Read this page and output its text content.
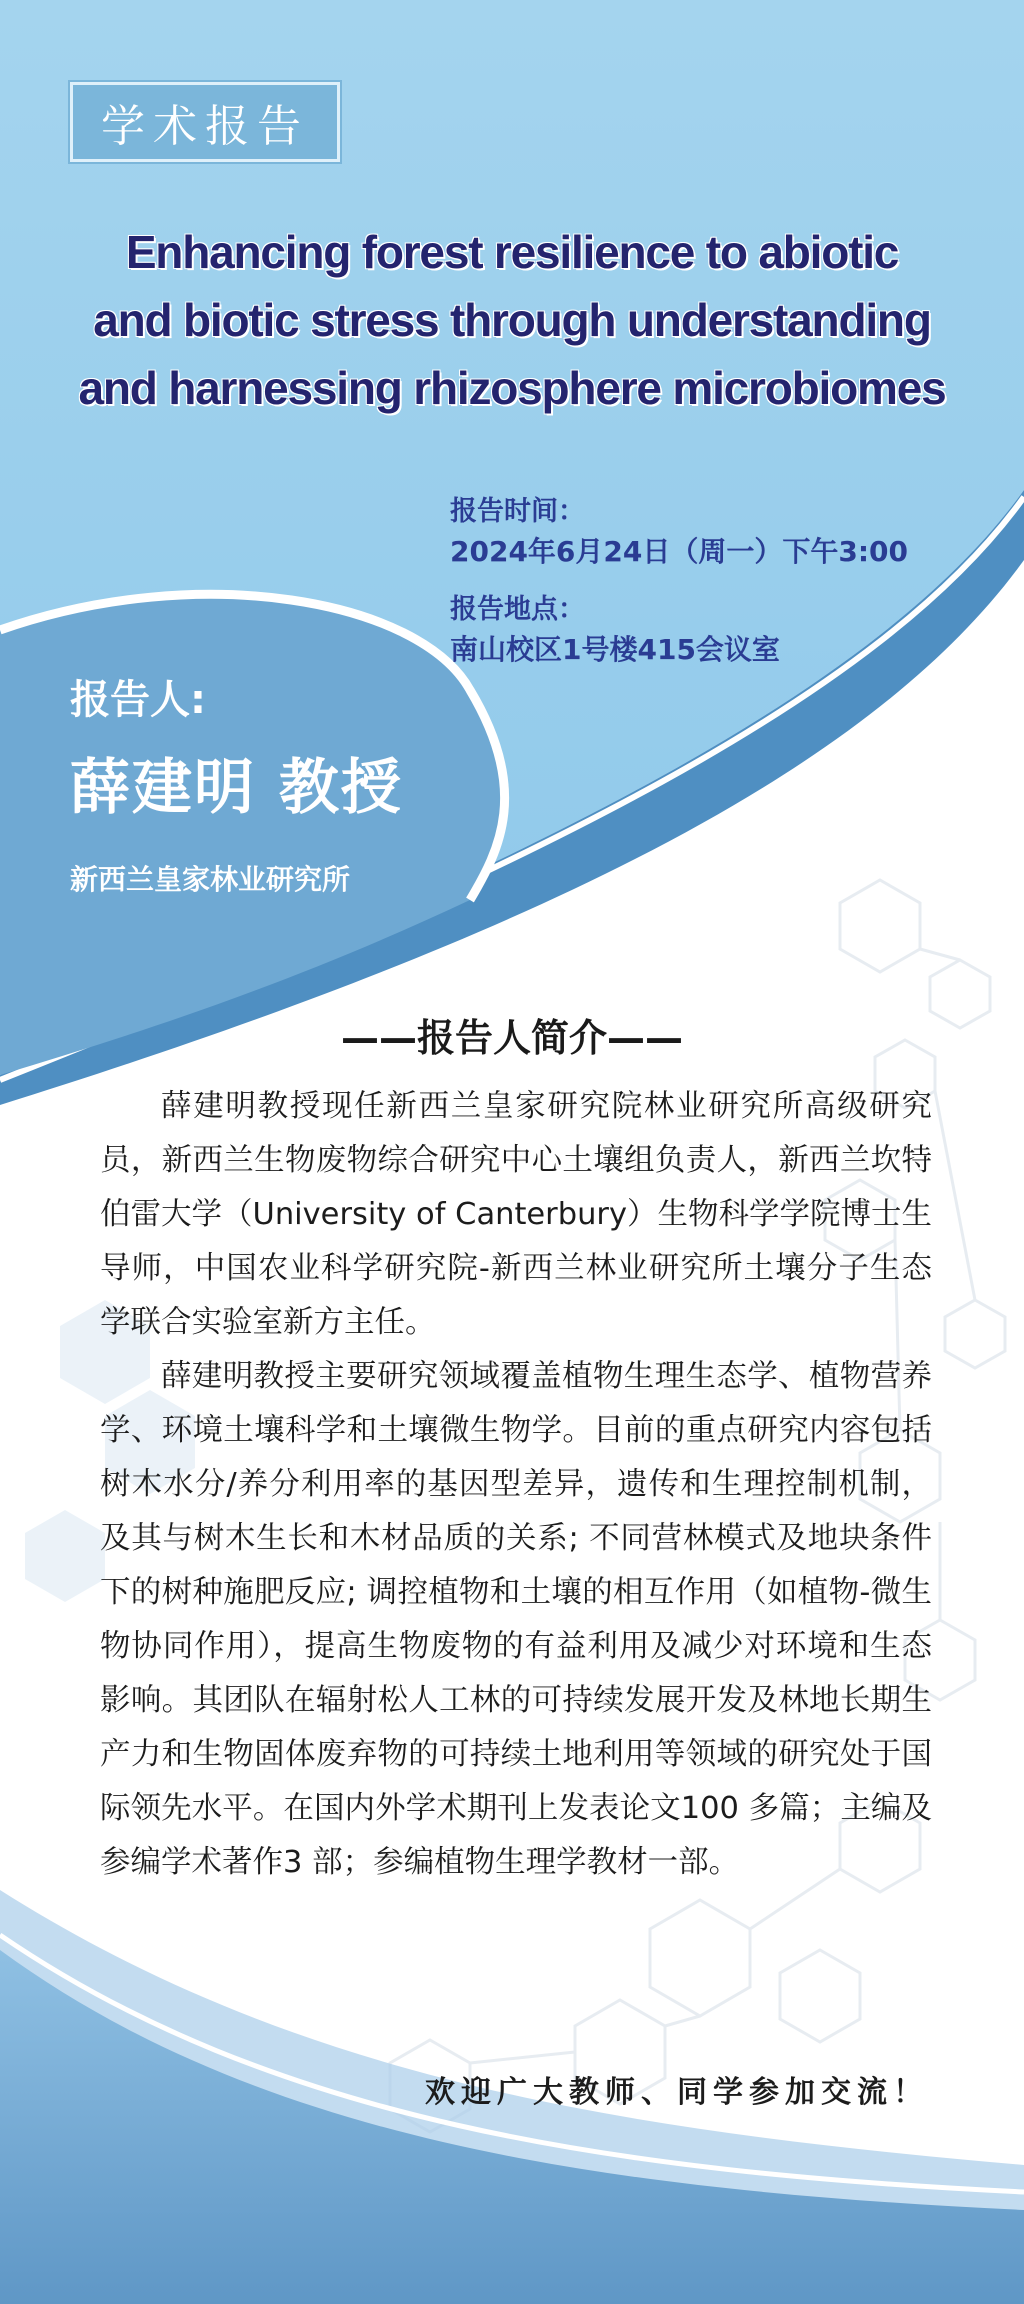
学术报告
Enhancing forest resilience to abiotic
and biotic stress through understanding
and harnessing rhizosphere microbiomes
报告时间：
2024年6月24日（周一）下午3:00
报告地点：
南山校区1号楼415会议室
报告人:
薛建明 教授
新西兰皇家林业研究所
——报告人简介——

薛建明教授现任新西兰皇家研究院林业研究所高级研究员，新西兰生物废物综合研究中心土壤组负责人，新西兰坎特伯雷大学（University of Canterbury）生物科学学院博士生导师，中国农业科学研究院-新西兰林业研究所土壤分子生态学联合实验室新方主任。

薛建明教授主要研究领域覆盖植物生理生态学、植物营养学、环境土壤科学和土壤微生物学。目前的重点研究内容包括树木水分/养分利用率的基因型差异，遗传和生理控制机制，及其与树木生长和木材品质的关系; 不同营林模式及地块条件下的树种施肥反应; 调控植物和土壤的相互作用（如植物-微生物协同作用），提高生物废物的有益利用及减少对环境和生态影响。其团队在辐射松人工林的可持续发展开发及林地长期生产力和生物固体废弃物的可持续土地利用等领域的研究处于国际领先水平。在国内外学术期刊上发表论文100 多篇；主编及参编学术著作3 部；参编植物生理学教材一部。

欢迎广大教师、同学参加交流！
